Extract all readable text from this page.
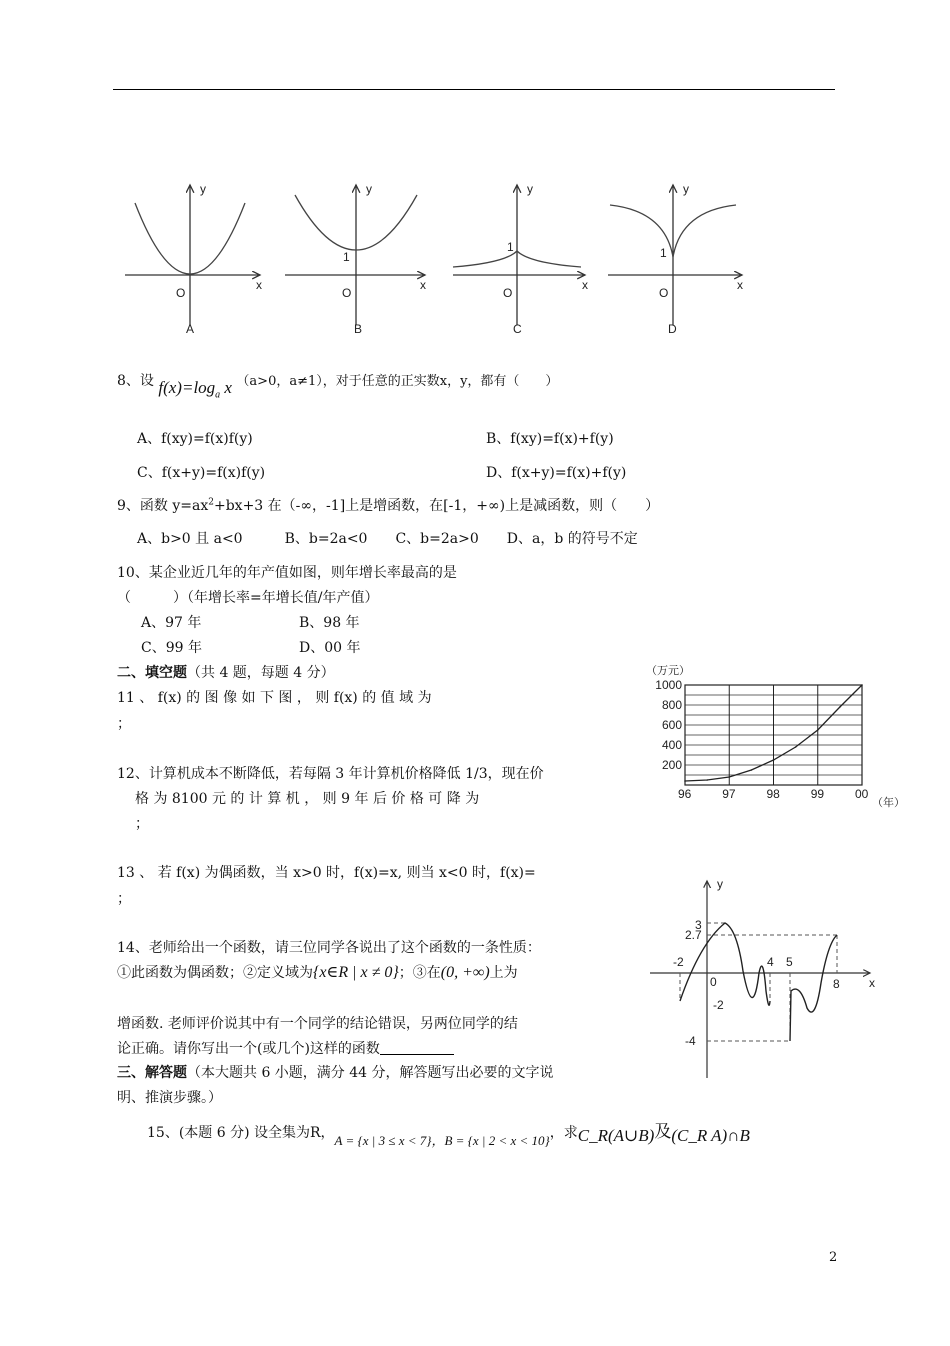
y
x
O
A
y
x
O
1
B
y
x
O
1
C
y
x
O
1
D
8、设 $f(x)=\log_a$ x （a>0，a≠1），对于任意的正实数x，y，都有（　　）
A、f(xy)=f(x)f(y)	B、f(xy)=f(x)+f(y)
C、f(x+y)=f(x)f(y)	D、f(x+y)=f(x)+f(y)
9、函数 $y=ax^2+bx+3$ 在（-∞，-1]上是增函数，在[-1，+∞)上是减函数，则（　　）
A、b>0 且 a<0　　　B、b=2a<0　　C、b=2a>0　　D、a，b 的符号不定
10、某企业近几年的年产值如图，则年增长率最高的是
（　　　）（年增长率=年增长值/年产值）
A、97 年	B、98 年
C、99 年	D、00 年
二、填空题（共 4 题，每题 4 分）
11 、 f(x) 的 图 像 如 下 图 ， 则 f(x) 的 值 域 为
；
12、计算机成本不断降低，若每隔 3 年计算机价格降低 1/3，现在价
格 为 8100 元 的 计 算 机 ， 则 9 年 后 价 格 可 降 为
；
13 、 若 f(x) 为偶函数，当 x>0 时，f(x)=x, 则当 x<0 时，f(x)=
；
14、老师给出一个函数，请三位同学各说出了这个函数的一条性质：
①此函数为偶函数；②定义域为{x∈R | x ≠ 0}；③在(0, +∞)上为
增函数. 老师评价说其中有一个同学的结论错误，另两位同学的结
论正确。请你写出一个(或几个)这样的函数
三、解答题（本大题共 6 小题，满分 44 分，解答题写出必要的文字说
明、推演步骤。）
15、(本题 6 分) 设全集为R，A = {x | 3 ≤ x < 7}，B = {x | 2 < x < 10}，求C_R(A∪B)及(C_R A)∩B
（万元）
96	97	98	99	00
200
400
600
800
1000
（年）
y
x
0
3
2.7
-2
-4
-2	4 5
8
2
